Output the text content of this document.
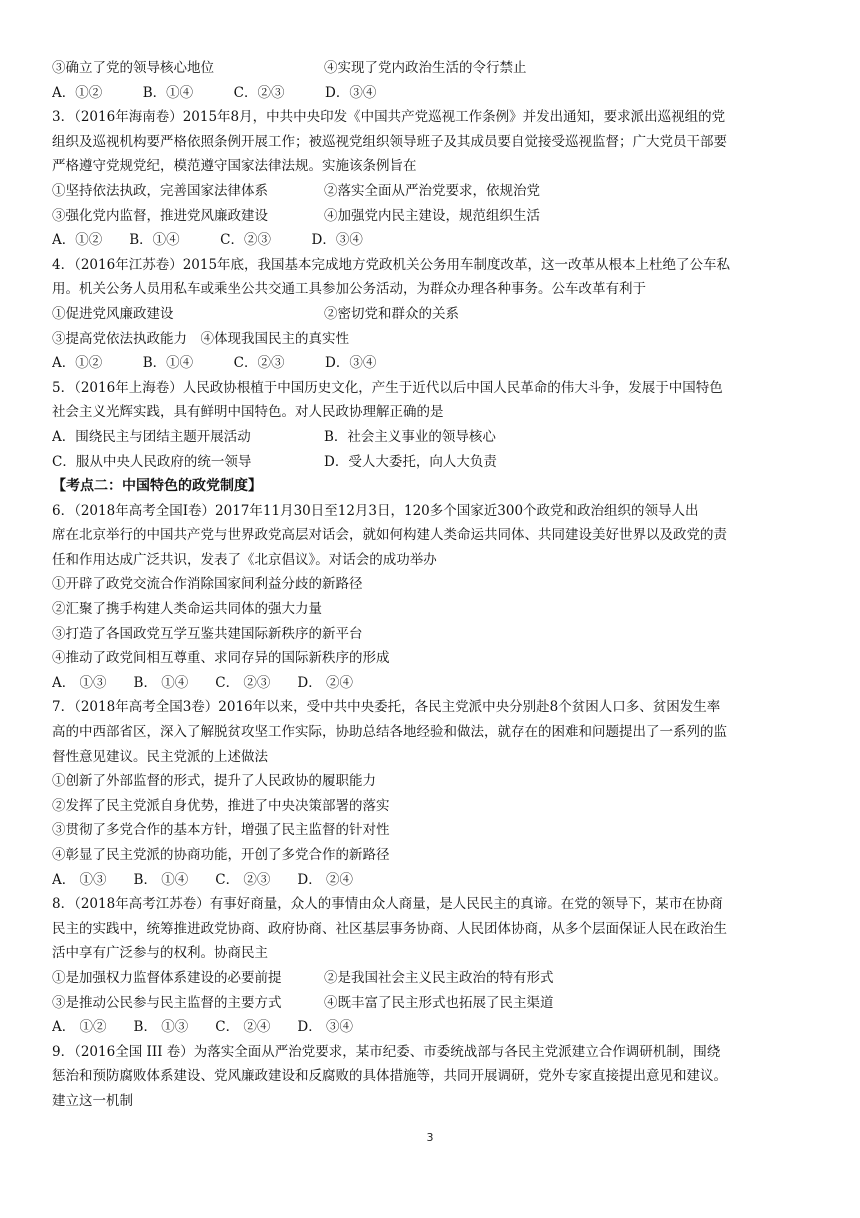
③确立了党的领导核心地位	④实现了党内政治生活的令行禁止
A．①②　　　B．①④　　　C．②③　　　D．③④
3．（2016年海南卷）2015年8月，中共中央印发《中国共产党巡视工作条例》并发出通知，要求派出巡视组的党
组织及巡视机构要严格依照条例开展工作；被巡视党组织领导班子及其成员要自觉接受巡视监督；广大党员干部要
严格遵守党规党纪，模范遵守国家法律法规。实施该条例旨在
①坚持依法执政，完善国家法律体系	②落实全面从严治党要求，依规治党
③强化党内监督，推进党风廉政建设	④加强党内民主建设，规范组织生活
A．①②　　B．①④　　　C．②③　　　D．③④
4．（2016年江苏卷）2015年底，我国基本完成地方党政机关公务用车制度改革，这一改革从根本上杜绝了公车私
用。机关公务人员用私车或乘坐公共交通工具参加公务活动，为群众办理各种事务。公车改革有利于
①促进党风廉政建设	②密切党和群众的关系
③提高党依法执政能力　④体现我国民主的真实性
A．①②　　　B．①④　　　C．②③　　　D．③④
5．（2016年上海卷）人民政协根植于中国历史文化，产生于近代以后中国人民革命的伟大斗争，发展于中国特色
社会主义光辉实践，具有鲜明中国特色。对人民政协理解正确的是
A．围绕民主与团结主题开展活动	B．社会主义事业的领导核心
C．服从中央人民政府的统一领导	D．受人大委托，向人大负责
【考点二：中国特色的政党制度】
6．（2018年高考全国Ⅰ卷）2017年11月30日至12月3日，120多个国家近300个政党和政治组织的领导人出
席在北京举行的中国共产党与世界政党高层对话会，就如何构建人类命运共同体、共同建设美好世界以及政党的责
任和作用达成广泛共识，发表了《北京倡议》。对话会的成功举办
①开辟了政党交流合作消除国家间利益分歧的新路径
②汇聚了携手构建人类命运共同体的强大力量
③打造了各国政党互学互鉴共建国际新秩序的新平台
④推动了政党间相互尊重、求同存异的国际新秩序的形成
A． ①③　　B． ①④　　C． ②③　　D． ②④
7．（2018年高考全国3卷）2016年以来，受中共中央委托，各民主党派中央分别赴8个贫困人口多、贫困发生率
高的中西部省区，深入了解脱贫攻坚工作实际，协助总结各地经验和做法，就存在的困难和问题提出了一系列的监
督性意见建议。民主党派的上述做法
①创新了外部监督的形式，提升了人民政协的履职能力
②发挥了民主党派自身优势，推进了中央决策部署的落实
③贯彻了多党合作的基本方针，增强了民主监督的针对性
④彰显了民主党派的协商功能，开创了多党合作的新路径
A． ①③　　B． ①④　　C． ②③　　D． ②④
8．（2018年高考江苏卷）有事好商量，众人的事情由众人商量，是人民民主的真谛。在党的领导下，某市在协商
民主的实践中，统筹推进政党协商、政府协商、社区基层事务协商、人民团体协商，从多个层面保证人民在政治生
活中享有广泛参与的权利。协商民主
①是加强权力监督体系建设的必要前提	②是我国社会主义民主政治的特有形式
③是推动公民参与民主监督的主要方式	④既丰富了民主形式也拓展了民主渠道
A． ①②　　B． ①③　　C． ②④　　D． ③④
9．（2016全国 III 卷）为落实全面从严治党要求，某市纪委、市委统战部与各民主党派建立合作调研机制，围绕
惩治和预防腐败体系建设、党风廉政建设和反腐败的具体措施等，共同开展调研，党外专家直接提出意见和建议。
建立这一机制
3
